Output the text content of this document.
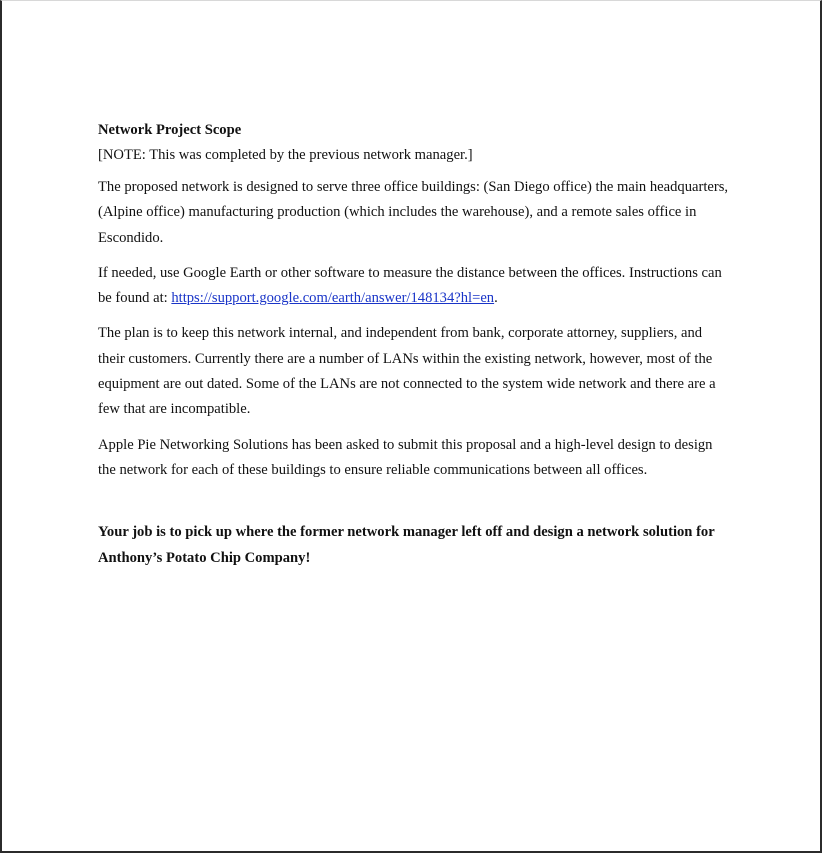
Network Project Scope

[NOTE: This was completed by the previous network manager.]

The proposed network is designed to serve three office buildings: (San Diego office) the main headquarters, (Alpine office) manufacturing production (which includes the warehouse), and a remote sales office in Escondido.

If needed, use Google Earth or other software to measure the distance between the offices. Instructions can be found at: https://support.google.com/earth/answer/148134?hl=en.

The plan is to keep this network internal, and independent from bank, corporate attorney, suppliers, and their customers. Currently there are a number of LANs within the existing network, however, most of the equipment are out dated. Some of the LANs are not connected to the system wide network and there are a few that are incompatible.

Apple Pie Networking Solutions has been asked to submit this proposal and a high-level design to design the network for each of these buildings to ensure reliable communications between all offices.

Your job is to pick up where the former network manager left off and design a network solution for Anthony’s Potato Chip Company!
